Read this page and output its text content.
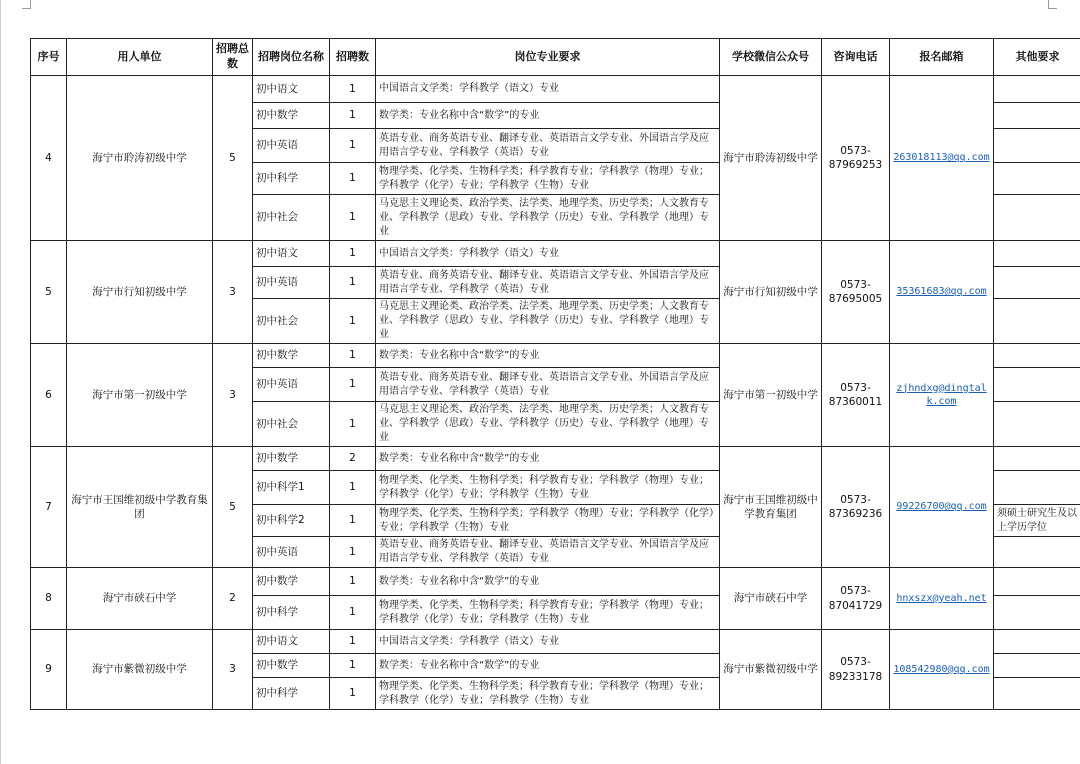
序号	用人单位	招聘总数	招聘岗位名称	招聘数	岗位专业要求	学校微信公众号	咨询电话	报名邮箱	其他要求
4	海宁市聆涛初级中学	5	初中语文	1	中国语言文学类：学科教学（语文）专业	海宁市聆涛初级中学	0573-87969253	263018113@qq.com	
			初中数学	1	数学类：专业名称中含“数学”的专业				
			初中英语	1	英语专业、商务英语专业、翻译专业、英语语言文学专业、外国语言学及应用语言学专业、学科教学（英语）专业				
			初中科学	1	物理学类、化学类、生物科学类；科学教育专业；学科教学（物理）专业；学科教学（化学）专业；学科教学（生物）专业				
			初中社会	1	马克思主义理论类、政治学类、法学类、地理学类、历史学类；人文教育专业、学科教学（思政）专业、学科教学（历史）专业、学科教学（地理）专业				
5	海宁市行知初级中学	3	初中语文	1	中国语言文学类：学科教学（语文）专业	海宁市行知初级中学	0573-87695005	35361683@qq.com	
			初中英语	1	英语专业、商务英语专业、翻译专业、英语语言文学专业、外国语言学及应用语言学专业、学科教学（英语）专业				
			初中社会	1	马克思主义理论类、政治学类、法学类、地理学类、历史学类；人文教育专业、学科教学（思政）专业、学科教学（历史）专业、学科教学（地理）专业				
6	海宁市第一初级中学	3	初中数学	1	数学类：专业名称中含“数学”的专业	海宁市第一初级中学	0573-87360011	zjhndxg@dingtalk.com	
			初中英语	1	英语专业、商务英语专业、翻译专业、英语语言文学专业、外国语言学及应用语言学专业、学科教学（英语）专业				
			初中社会	1	马克思主义理论类、政治学类、法学类、地理学类、历史学类；人文教育专业、学科教学（思政）专业、学科教学（历史）专业、学科教学（地理）专业				
7	海宁市王国维初级中学教育集团	5	初中数学	2	数学类：专业名称中含“数学”的专业	海宁市王国维初级中学教育集团	0573-87369236	99226700@qq.com	
			初中科学1	1	物理学类、化学类、生物科学类；科学教育专业；学科教学（物理）专业；学科教学（化学）专业；学科教学（生物）专业				
			初中科学2	1	物理学类、化学类、生物科学类；学科教学（物理）专业；学科教学（化学）专业；学科教学（生物）专业				须硕士研究生及以上学历学位
			初中英语	1	英语专业、商务英语专业、翻译专业、英语语言文学专业、外国语言学及应用语言学专业、学科教学（英语）专业				
8	海宁市硖石中学	2	初中数学	1	数学类：专业名称中含“数学”的专业	海宁市硖石中学	0573-87041729	hnxszx@yeah.net	
			初中科学	1	物理学类、化学类、生物科学类；科学教育专业；学科教学（物理）专业；学科教学（化学）专业；学科教学（生物）专业				
9	海宁市紫微初级中学	3	初中语文	1	中国语言文学类：学科教学（语文）专业	海宁市紫微初级中学	0573-89233178	108542980@qq.com	
			初中数学	1	数学类：专业名称中含“数学”的专业				
			初中科学	1	物理学类、化学类、生物科学类；科学教育专业；学科教学（物理）专业；学科教学（化学）专业；学科教学（生物）专业				
